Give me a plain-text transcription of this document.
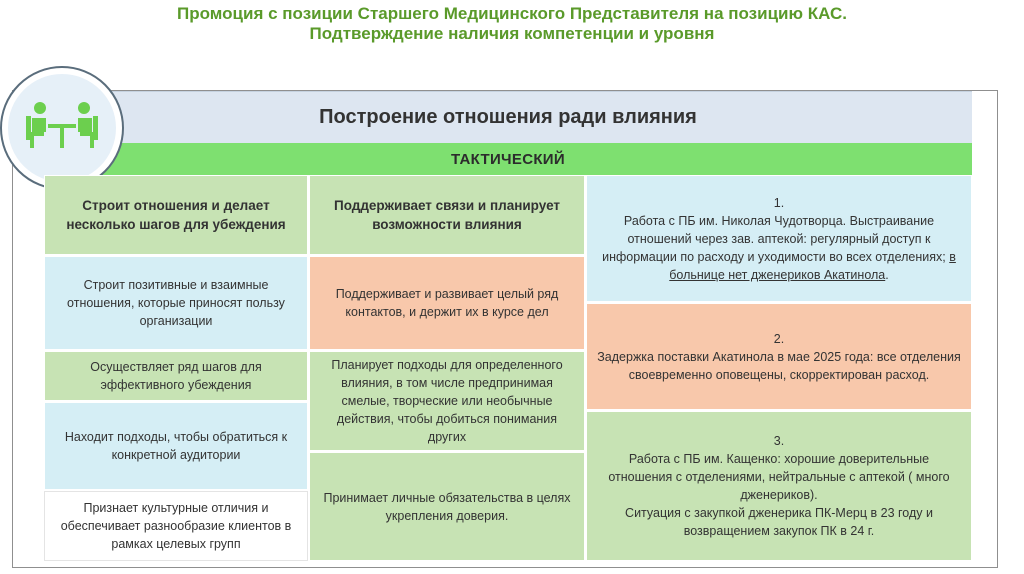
Промоция с позиции Старшего Медицинского Представителя на позицию КАС.
Подтверждение наличия компетенции и уровня
Построение отношения ради влияния
ТАКТИЧЕСКИЙ
Строит отношения и делает несколько шагов для убеждения
Строит позитивные и взаимные отношения, которые приносят пользу организации
Осуществляет ряд шагов для эффективного убеждения
Находит подходы, чтобы обратиться к конкретной аудитории
Признает культурные отличия и обеспечивает разнообразие клиентов в рамках целевых групп
Поддерживает связи и планирует возможности влияния
Поддерживает и развивает целый ряд контактов, и держит их в курсе дел
Планирует подходы для определенного влияния, в том числе предпринимая смелые, творческие или необычные действия, чтобы добиться понимания других
Принимает личные обязательства в целях укрепления доверия.
1.
Работа с ПБ им. Николая Чудотворца. Выстраивание отношений через зав. аптекой: регулярный доступ к информации по расходу и уходимости во всех отделениях; в больнице нет дженериков Акатинола.
2.
Задержка поставки Акатинола в мае 2025 года: все отделения своевременно оповещены, скорректирован расход.
3.
Работа с ПБ им. Кащенко: хорошие доверительные отношения с отделениями, нейтральные с аптекой ( много дженериков).
Ситуация с закупкой дженерика ПК-Мерц в 23 году и возвращением закупок ПК в 24 г.
